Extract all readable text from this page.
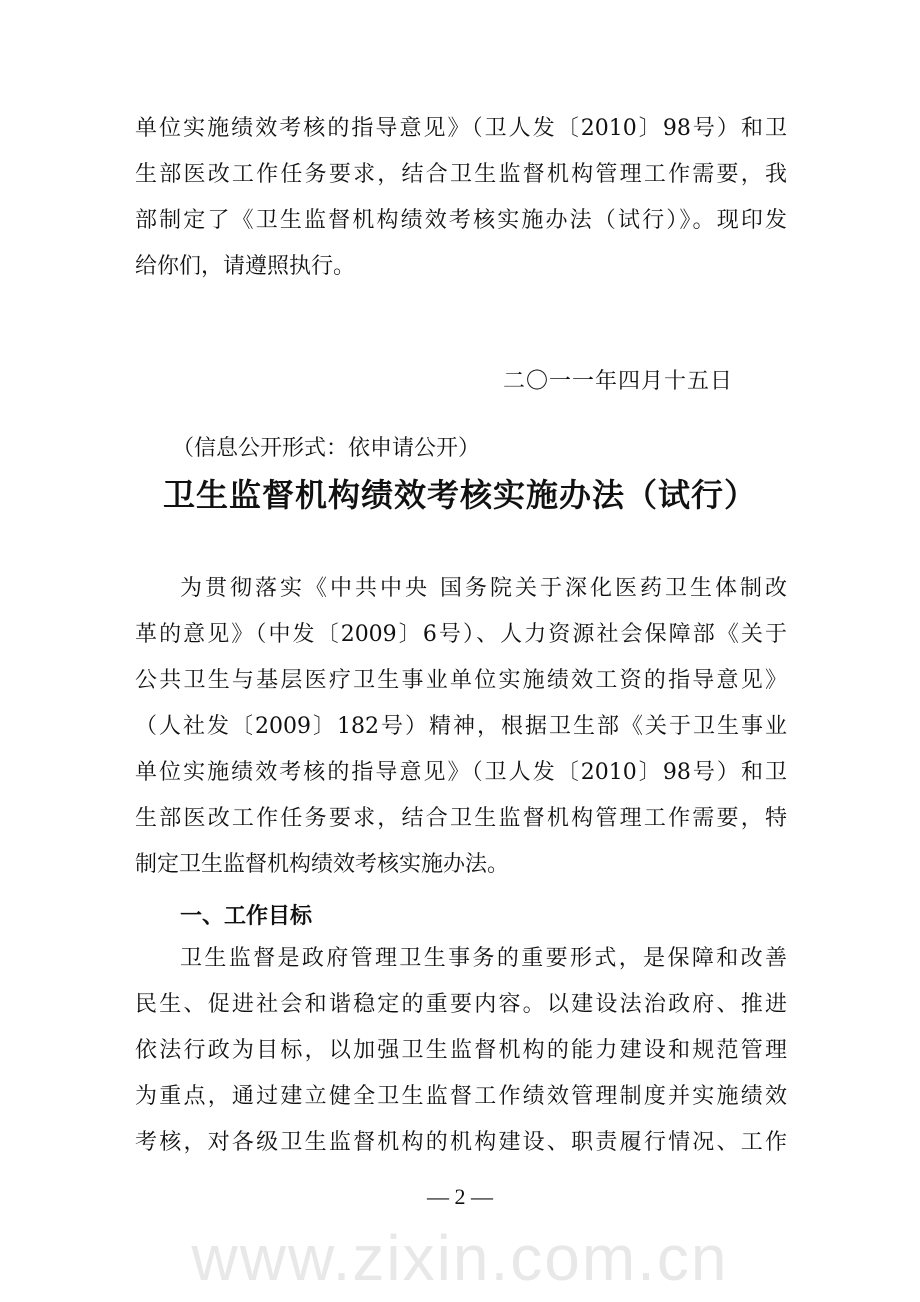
单位实施绩效考核的指导意见》（卫人发〔2010〕98号）和卫
生部医改工作任务要求，结合卫生监督机构管理工作需要，我
部制定了《卫生监督机构绩效考核实施办法（试行）》。现印发
给你们，请遵照执行。
二〇一一年四月十五日
（信息公开形式：依申请公开）
卫生监督机构绩效考核实施办法（试行）
为贯彻落实《中共中央 国务院关于深化医药卫生体制改
革的意见》（中发〔2009〕6号）、人力资源社会保障部《关于
公共卫生与基层医疗卫生事业单位实施绩效工资的指导意见》
（人社发〔2009〕182号）精神，根据卫生部《关于卫生事业
单位实施绩效考核的指导意见》（卫人发〔2010〕98号）和卫
生部医改工作任务要求，结合卫生监督机构管理工作需要，特
制定卫生监督机构绩效考核实施办法。
一、工作目标
卫生监督是政府管理卫生事务的重要形式，是保障和改善
民生、促进社会和谐稳定的重要内容。以建设法治政府、推进
依法行政为目标，以加强卫生监督机构的能力建设和规范管理
为重点，通过建立健全卫生监督工作绩效管理制度并实施绩效
考核，对各级卫生监督机构的机构建设、职责履行情况、工作
— 2 —
www.zixin.com.cn
